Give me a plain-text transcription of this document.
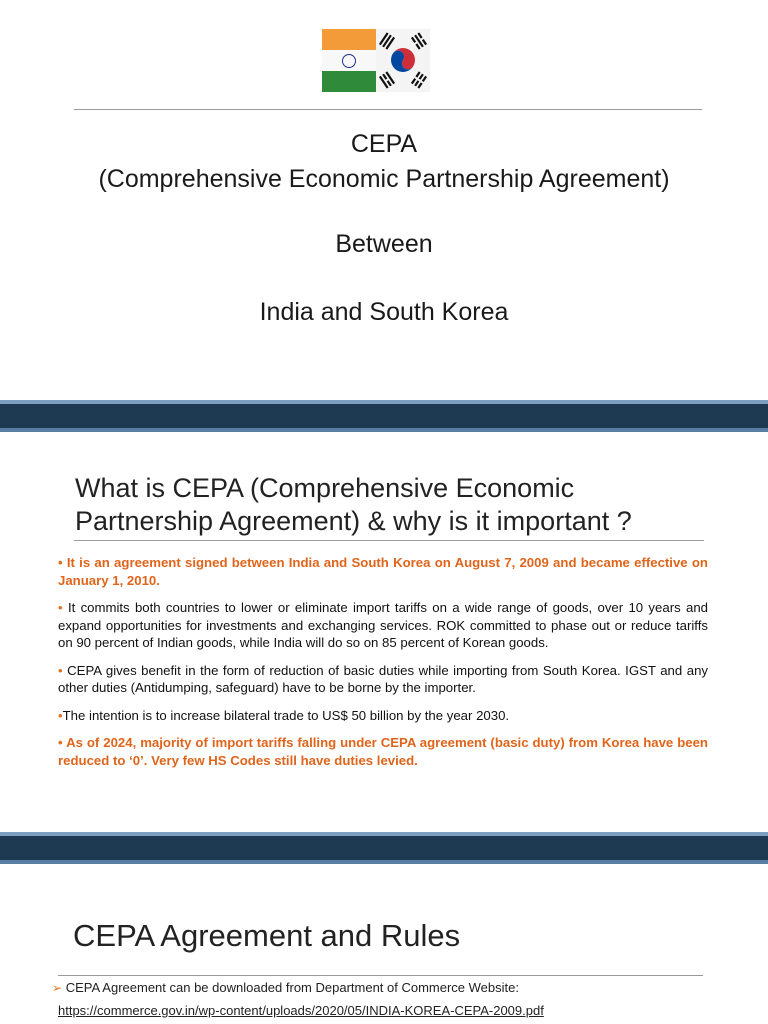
CEPA
(Comprehensive Economic Partnership Agreement)
Between
India and South Korea
What is CEPA (Comprehensive Economic Partnership Agreement) & why is it important ?
• It is an agreement signed between India and South Korea on August 7, 2009 and became effective on January 1, 2010.
• It commits both countries to lower or eliminate import tariffs on a wide range of goods, over 10 years and expand opportunities for investments and exchanging services. ROK committed to phase out or reduce tariffs on 90 percent of Indian goods, while India will do so on 85 percent of Korean goods.
• CEPA gives benefit in the form of reduction of basic duties while importing from South Korea. IGST and any other duties (Antidumping, safeguard) have to be borne by the importer.
•The intention is to increase bilateral trade to US$ 50 billion by the year 2030.
• As of 2024, majority of import tariffs falling under CEPA agreement (basic duty) from Korea have been reduced to ‘0’. Very few HS Codes still have duties levied.
CEPA Agreement and Rules
➢ CEPA Agreement can be downloaded from Department of Commerce Website:
https://commerce.gov.in/wp-content/uploads/2020/05/INDIA-KOREA-CEPA-2009.pdf
